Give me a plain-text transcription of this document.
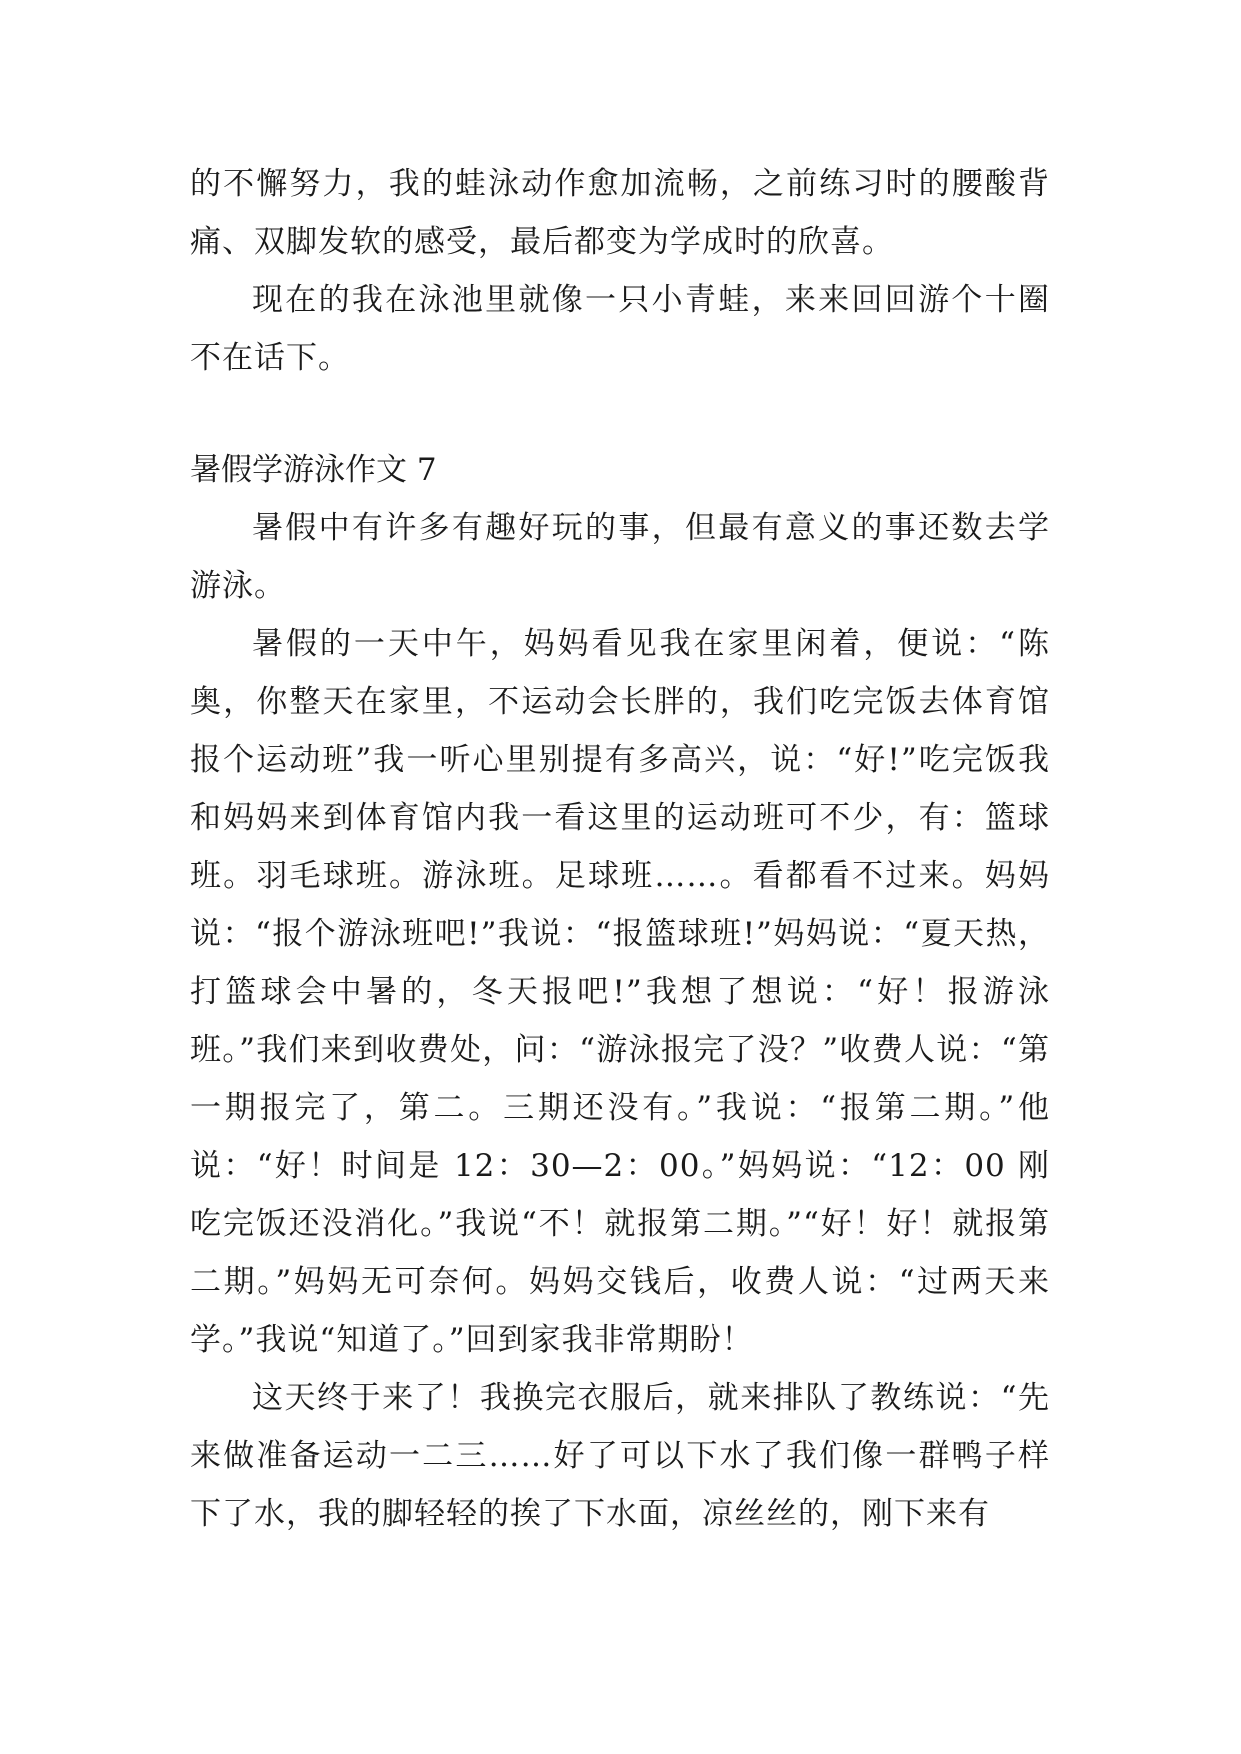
的不懈努力，我的蛙泳动作愈加流畅，之前练习时的腰酸背痛、双脚发软的感受，最后都变为学成时的欣喜。

现在的我在泳池里就像一只小青蛙，来来回回游个十圈不在话下。

暑假学游泳作文 7

暑假中有许多有趣好玩的事，但最有意义的事还数去学游泳。

暑假的一天中午，妈妈看见我在家里闲着，便说：“陈奥，你整天在家里，不运动会长胖的，我们吃完饭去体育馆报个运动班”我一听心里别提有多高兴，说：“好!”吃完饭我和妈妈来到体育馆内我一看这里的运动班可不少，有：篮球班。羽毛球班。游泳班。足球班……。看都看不过来。妈妈说：“报个游泳班吧!”我说：“报篮球班!”妈妈说：“夏天热，打篮球会中暑的，冬天报吧!”我想了想说：“好！报游泳班。”我们来到收费处，问：“游泳报完了没？”收费人说：“第一期报完了，第二。三期还没有。”我说：“报第二期。”他说：“好！时间是 12：30—2：00。”妈妈说：“12：00 刚吃完饭还没消化。”我说“不！就报第二期。”“好！好！就报第二期。”妈妈无可奈何。妈妈交钱后，收费人说：“过两天来学。”我说“知道了。”回到家我非常期盼！

这天终于来了！我换完衣服后，就来排队了教练说：“先来做准备运动一二三……好了可以下水了我们像一群鸭子样下了水，我的脚轻轻的挨了下水面，凉丝丝的，刚下来有
